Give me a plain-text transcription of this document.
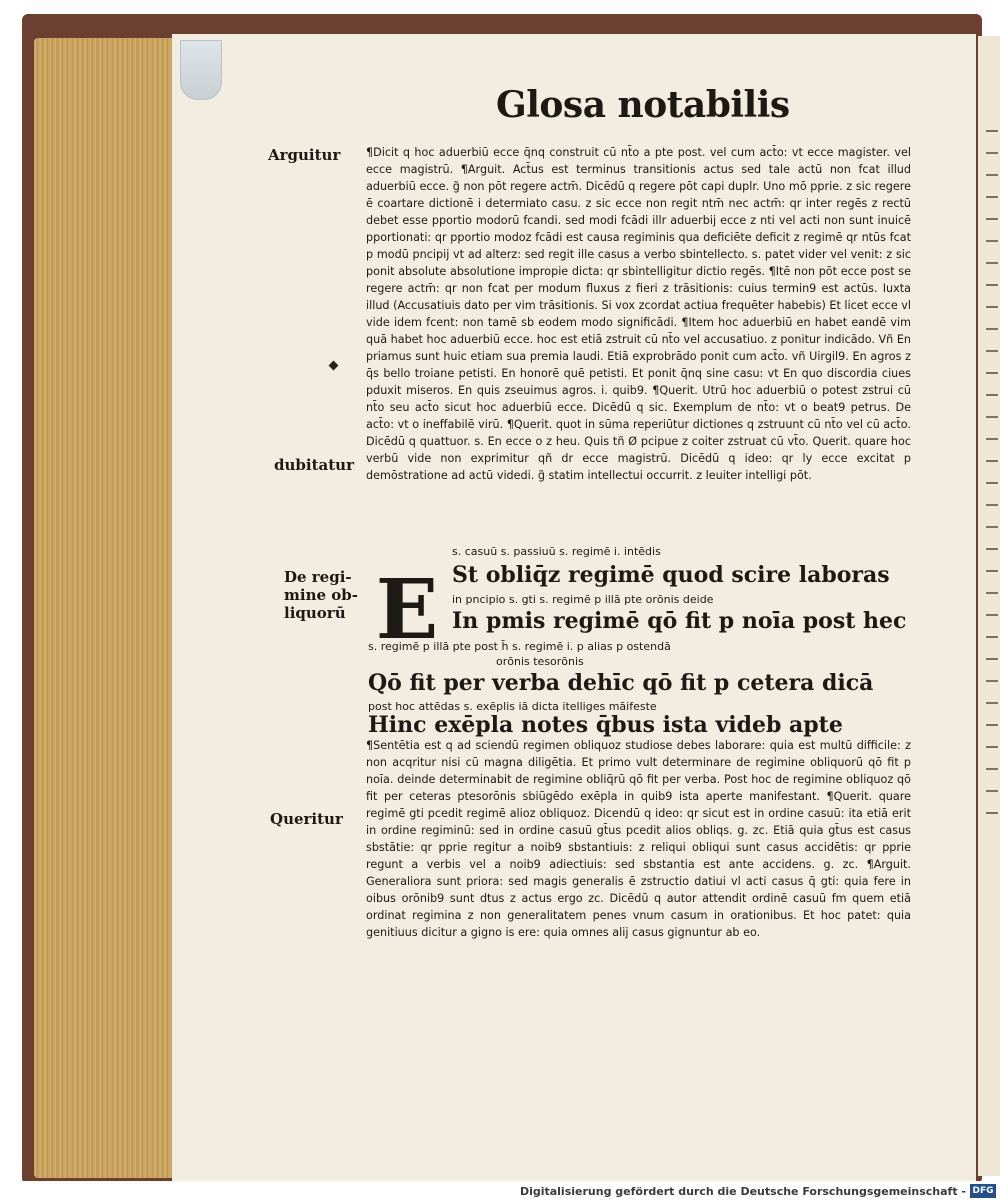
Glosa notabilis
Arguitur
dubitatur
De regi- mine ob- liquorū
Queritur

¶Dicit q hoc aduerbiū ecce q̄nq construit cū nt̄o a pte post. vel cum act̄o: vt ecce magister. vel ecce magistrū. ¶Arguit. Act̄us est terminus transitionis actus sed tale actū non fcat illud aduerbiū ecce. g̃ non pōt regere actm̄. Dicēdū q regere pōt capi duplr. Uno mō pprie. z sic regere ē coartare dictionē i determiato casu. z sic ecce non regit ntm̄ nec actm̄: qr inter regēs z rectū debet esse pportio modorū fcandi. sed modi fcādi illr aduerbij ecce z nti vel acti non sunt inuicē pportionati: qr pportio modoz fcādi est causa regiminis qua deficiēte deficit z regimē qr ntūs fcat p modū pncipij vt ad alterz: sed regit ille casus a verbo sbintellecto. s. patet vider vel venit: z sic ponit absolute absolutione impropie dicta: qr sbintelligitur dictio regēs. ¶Itē non pōt ecce post se regere actm̄: qr non fcat per modum fluxus z fieri z trāsitionis: cuius termin9 est actūs. Iuxta illud (Accusatiuis dato per vim trāsitionis. Si vox zcordat actiua frequēter habebis) Et licet ecce vl vide idem fcent: non tamē sb eodem modo significādi. ¶Item hoc aduerbiū en habet eandē vim quā habet hoc aduerbiū ecce. hoc est etiā zstruit cū nt̄o vel accusatiuo. z ponitur indicādo. Vñ En priamus sunt huic etiam sua premia laudi. Etiā exprobrādo ponit cum act̄o. vñ Uirgil9. En agros z q̄s bello troiane petisti. En honorē quē petisti. Et ponit q̄nq sine casu: vt En quo discordia ciues pduxit miseros. En quis zseuimus agros. i. quib9. ¶Querit. Utrū hoc aduerbiū o potest zstrui cū nt̄o seu act̄o sicut hoc aduerbiū ecce. Dicēdū q sic. Exemplum de nt̄o: vt o beat9 petrus. De act̄o: vt o ineffabilē virū. ¶Querit. quot in sūma reperiūtur dictiones q zstruunt cū nt̄o vel cū act̄o. Dicēdū q quattuor. s. En ecce o z heu. Quis tñ Ø pcipue z coiter zstruat cū vt̄o. Querit. quare hoc verbū vide non exprimitur qñ dr ecce magistrū. Dicēdū q ideo: qr ly ecce excitat p demōstratione ad actū videdi. g̃ statim intellectui occurrit. z leuiter intelligi pōt.

s. casuū s. passiuū s. regimē i. intēdis
E St obliq̄z regimē quod scire laboras
in pncipio s. gti s. regimē p illā pte orōnis deide
In pmis regimē qō fit p noīa post hec
s. regimē p illā pte post h̄ s. regimē i. p alias p ostendā
orōnis tesorōnis
Qō fit per verba dehīc qō fit p cetera dicā
post hoc attēdas s. exēplis iā dicta itelliges māifeste
Hinc exēpla notes q̄bus ista videb apte

¶Sentētia est q ad sciendū regimen obliquoz studiose debes laborare: quia est multū difficile: z non acqritur nisi cū magna diligētia. Et primo vult determinare de regimine obliquorū qō fit p noīa. deinde determinabit de regimine obliq̄rū qō fit per verba. Post hoc de regimine obliquoz qō fit per ceteras ptesorōnis sbiūgēdo exēpla in quib9 ista aperte manifestant. ¶Querit. quare regimē gti pcedit regimē alioz obliquoz. Dicendū q ideo: qr sicut est in ordine casuū: ita etiā erit in ordine regiminū: sed in ordine casuū gt̄us pcedit alios obliqs. g. zc. Etiā quia gt̄us est casus sbstātie: qr pprie regitur a noib9 sbstantiuis: z reliqui obliqui sunt casus accidētis: qr pprie regunt a verbis vel a noib9 adiectiuis: sed sbstantia est ante accidens. g. zc. ¶Arguit. Generaliora sunt priora: sed magis generalis ē zstructio datiui vl acti casus q̄ gti: quia fere in oibus orōnib9 sunt dtus z actus ergo zc. Dicēdū q autor attendit ordinē casuū fm quem etiā ordinat regimina z non generalitatem penes vnum casum in orationibus. Et hoc patet: quia genitiuus dicitur a gigno is ere: quia omnes alij casus gignuntur ab eo.

Digitalisierung gefördert durch die Deutsche Forschungsgemeinschaft - DFG
